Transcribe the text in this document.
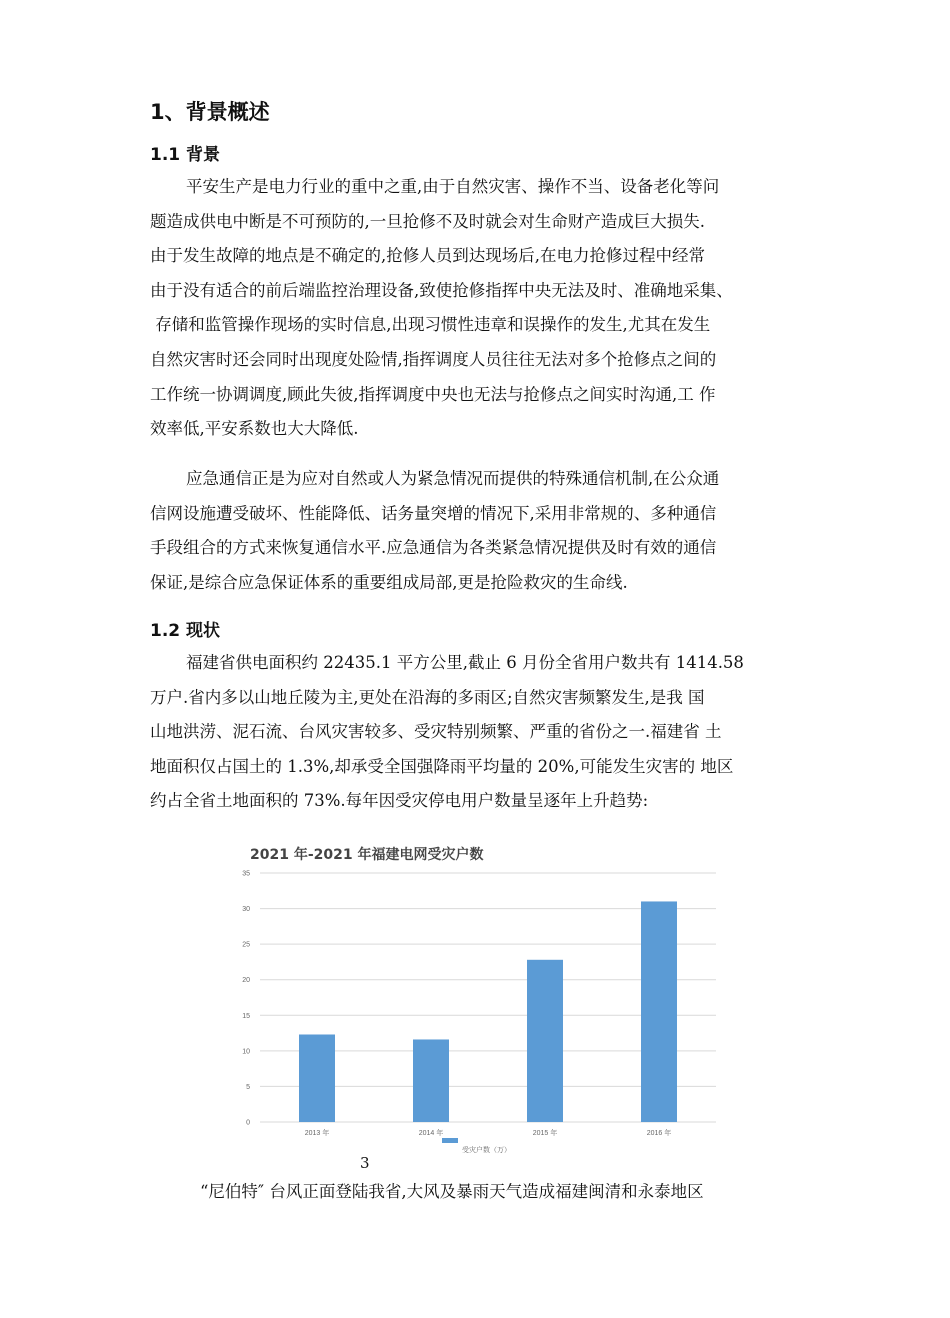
1、背景概述
1.1 背景
平安生产是电力行业的重中之重,由于自然灾害、操作不当、设备老化等问
题造成供电中断是不可预防的,一旦抢修不及时就会对生命财产造成巨大损失.
由于发生故障的地点是不确定的,抢修人员到达现场后,在电力抢修过程中经常
由于没有适合的前后端监控治理设备,致使抢修指挥中央无法及时、准确地采集、
存储和监管操作现场的实时信息,出现习惯性违章和误操作的发生,尤其在发生
自然灾害时还会同时出现度处险情,指挥调度人员往往无法对多个抢修点之间的
工作统一协调调度,顾此失彼,指挥调度中央也无法与抢修点之间实时沟通,工 作
效率低,平安系数也大大降低.
应急通信正是为应对自然或人为紧急情况而提供的特殊通信机制,在公众通
信网设施遭受破坏、性能降低、话务量突增的情况下,采用非常规的、多种通信
手段组合的方式来恢复通信水平.应急通信为各类紧急情况提供及时有效的通信
保证,是综合应急保证体系的重要组成局部,更是抢险救灾的生命线.
1.2 现状
福建省供电面积约 22435.1 平方公里,截止 6 月份全省用户数共有 1414.58
万户.省内多以山地丘陵为主,更处在沿海的多雨区;自然灾害频繁发生,是我 国
山地洪涝、泥石流、台风灾害较多、受灾特别频繁、严重的省份之一.福建省 土
地面积仅占国土的 1.3%,却承受全国强降雨平均量的 20%,可能发生灾害的 地区
约占全省土地面积的 73%.每年因受灾停电用户数量呈逐年上升趋势:
2021 年-2021 年福建电网受灾户数
0
5
10
15
20
25
30
35
2013 年	2014 年	2015 年	2016 年
受灾户数（万）
3
“尼伯特″ 台风正面登陆我省,大风及暴雨天气造成福建闽清和永泰地区
